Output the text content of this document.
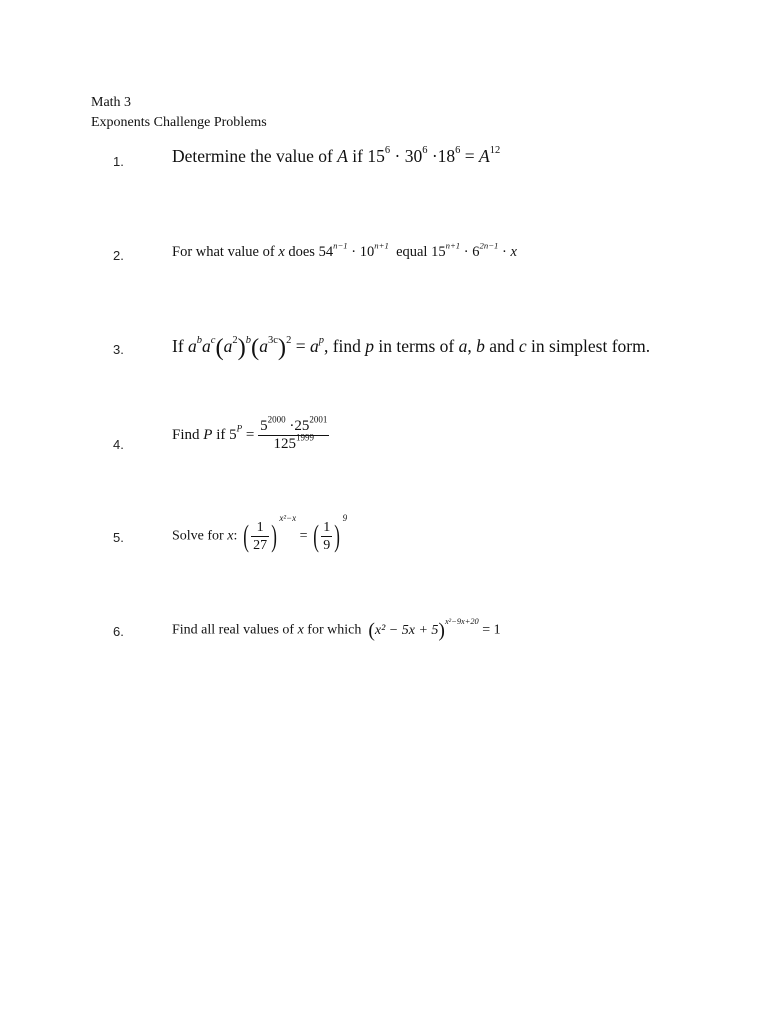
Math 3
Exponents Challenge Problems
1.	Determine the value of A if $15^6 \cdot 30^6 \cdot 18^6 = A^{12}$
2.	For what value of x does $54^{n-1} \cdot 10^{n+1}$ equal $15^{n+1} \cdot 6^{2n-1} \cdot x$
3.	If $a^ba^c(a^2)^b(a^{3c})^2 = a^p$, find p in terms of a, b and c in simplest form.
4.
Find P if $5^P = \frac{5^{2000} \cdot 25^{2001}}{125^{1999}}$
5.	Solve for x: ( $\frac{1}{27}$ )
x²−x
= ( $\frac{1}{9}$ )
9
6.	Find all real values of x for which $(x^2 - 5x + 5)^{x^2-9x+20} = 1$
